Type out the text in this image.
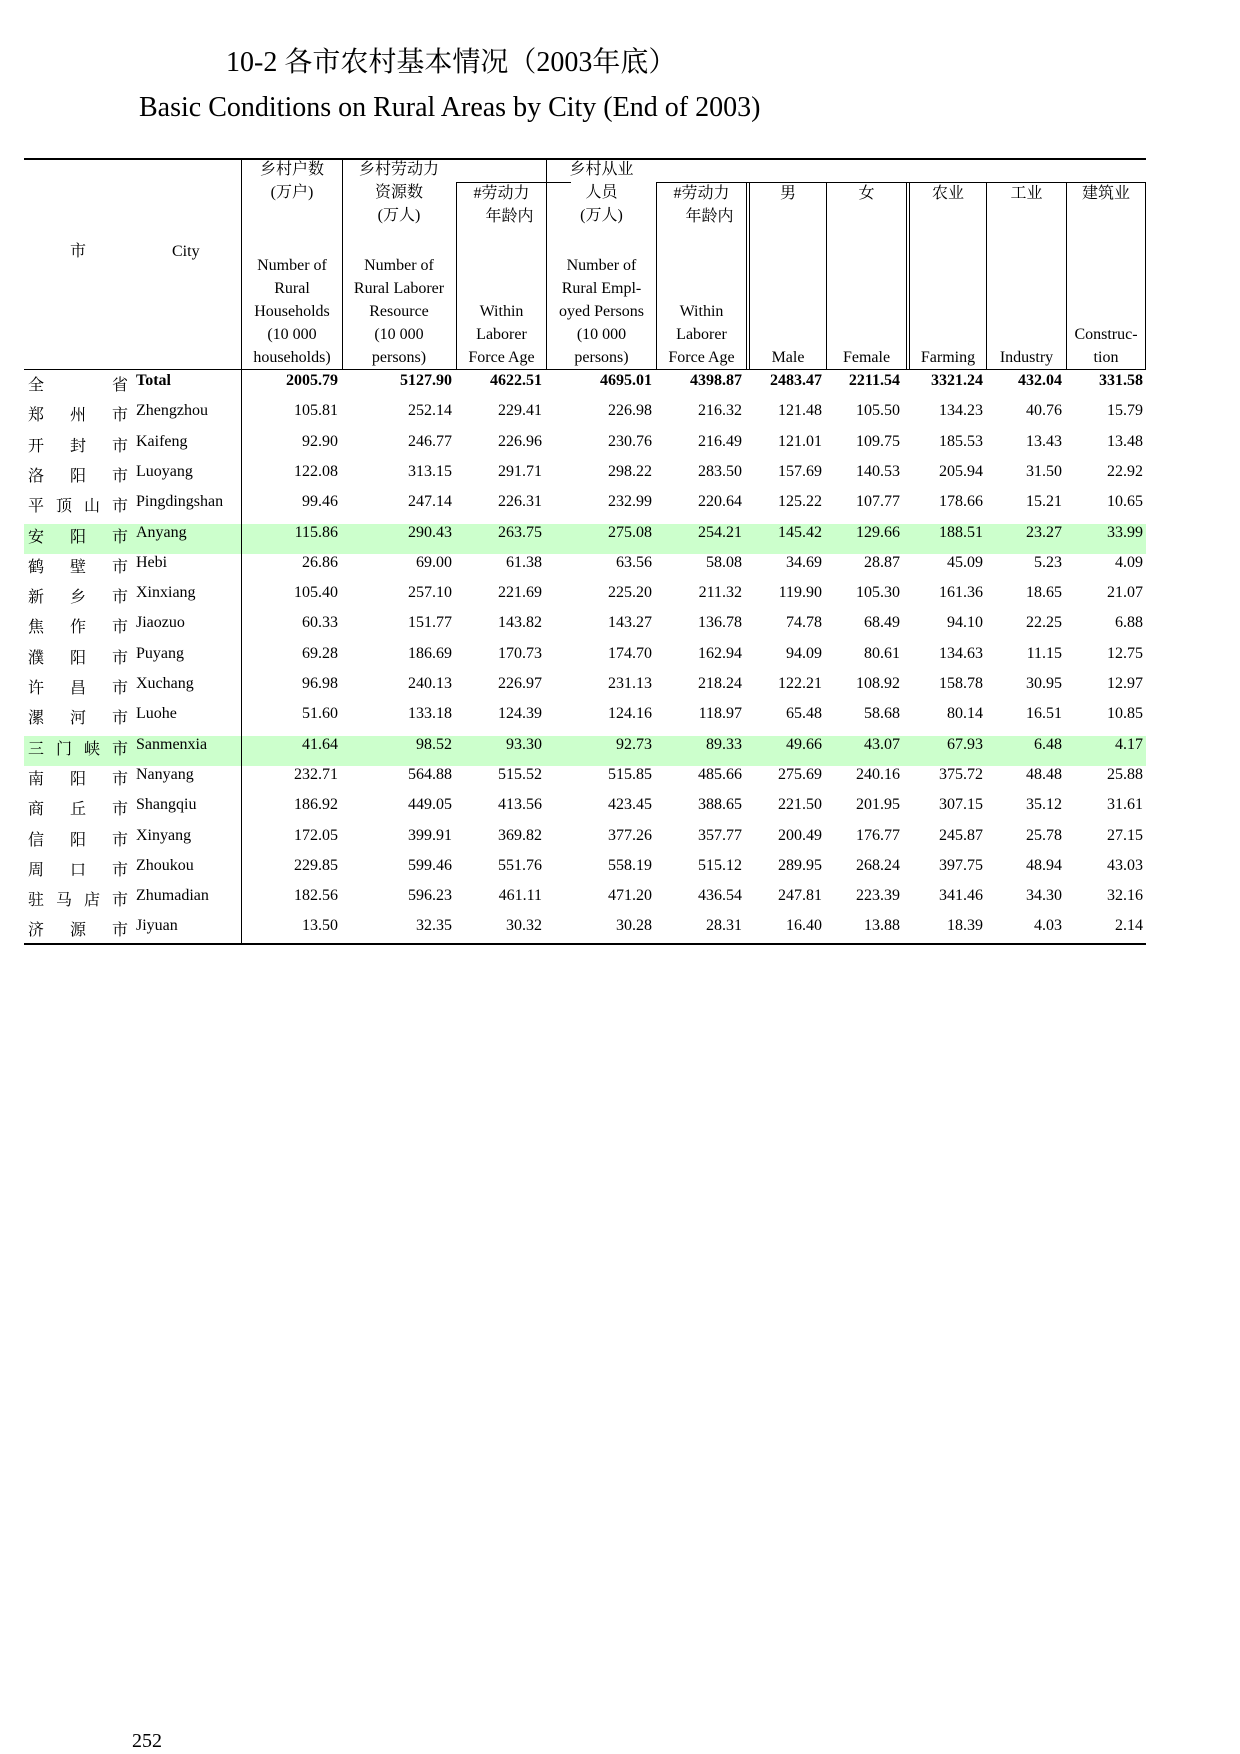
10-2 各市农村基本情况（2003年底）
Basic Conditions on Rural Areas by City (End of 2003)
市	City
乡村户数
(万户)
Number of
Rural
Households
(10 000
households)
乡村劳动力
资源数
(万人)
Number of
Rural Laborer
Resource
(10 000
persons)
#劳动力
年龄内
Within
Laborer
Force Age
乡村从业
人员
(万人)
Number of
Rural Empl-
oyed Persons
(10 000
persons)
#劳动力
年龄内
Within
Laborer
Force Age
男
Male
女
Female
农业
Farming
工业
Industry
建筑业
Construc-
tion
全	省 Total	2005.79	5127.90	4622.51	4695.01	4398.87	2483.47	2211.54	3321.24	432.04	331.58
郑 州 市 Zhengzhou	105.81	252.14	229.41	226.98	216.32	121.48	105.50	134.23	40.76	15.79
开 封 市 Kaifeng	92.90	246.77	226.96	230.76	216.49	121.01	109.75	185.53	13.43	13.48
洛 阳 市 Luoyang	122.08	313.15	291.71	298.22	283.50	157.69	140.53	205.94	31.50	22.92
平 顶 山 市 Pingdingshan	99.46	247.14	226.31	232.99	220.64	125.22	107.77	178.66	15.21	10.65
安 阳 市 Anyang	115.86	290.43	263.75	275.08	254.21	145.42	129.66	188.51	23.27	33.99
鹤 壁 市 Hebi	26.86	69.00	61.38	63.56	58.08	34.69	28.87	45.09	5.23	4.09
新 乡 市 Xinxiang	105.40	257.10	221.69	225.20	211.32	119.90	105.30	161.36	18.65	21.07
焦 作 市 Jiaozuo	60.33	151.77	143.82	143.27	136.78	74.78	68.49	94.10	22.25	6.88
濮 阳 市 Puyang	69.28	186.69	170.73	174.70	162.94	94.09	80.61	134.63	11.15	12.75
许 昌 市 Xuchang	96.98	240.13	226.97	231.13	218.24	122.21	108.92	158.78	30.95	12.97
漯 河 市 Luohe	51.60	133.18	124.39	124.16	118.97	65.48	58.68	80.14	16.51	10.85
三 门 峡 市 Sanmenxia	41.64	98.52	93.30	92.73	89.33	49.66	43.07	67.93	6.48	4.17
南 阳 市 Nanyang	232.71	564.88	515.52	515.85	485.66	275.69	240.16	375.72	48.48	25.88
商 丘 市 Shangqiu	186.92	449.05	413.56	423.45	388.65	221.50	201.95	307.15	35.12	31.61
信 阳 市 Xinyang	172.05	399.91	369.82	377.26	357.77	200.49	176.77	245.87	25.78	27.15
周 口 市 Zhoukou	229.85	599.46	551.76	558.19	515.12	289.95	268.24	397.75	48.94	43.03
驻 马 店 市 Zhumadian	182.56	596.23	461.11	471.20	436.54	247.81	223.39	341.46	34.30	32.16
济 源 市 Jiyuan	13.50	32.35	30.32	30.28	28.31	16.40	13.88	18.39	4.03	2.14
252
